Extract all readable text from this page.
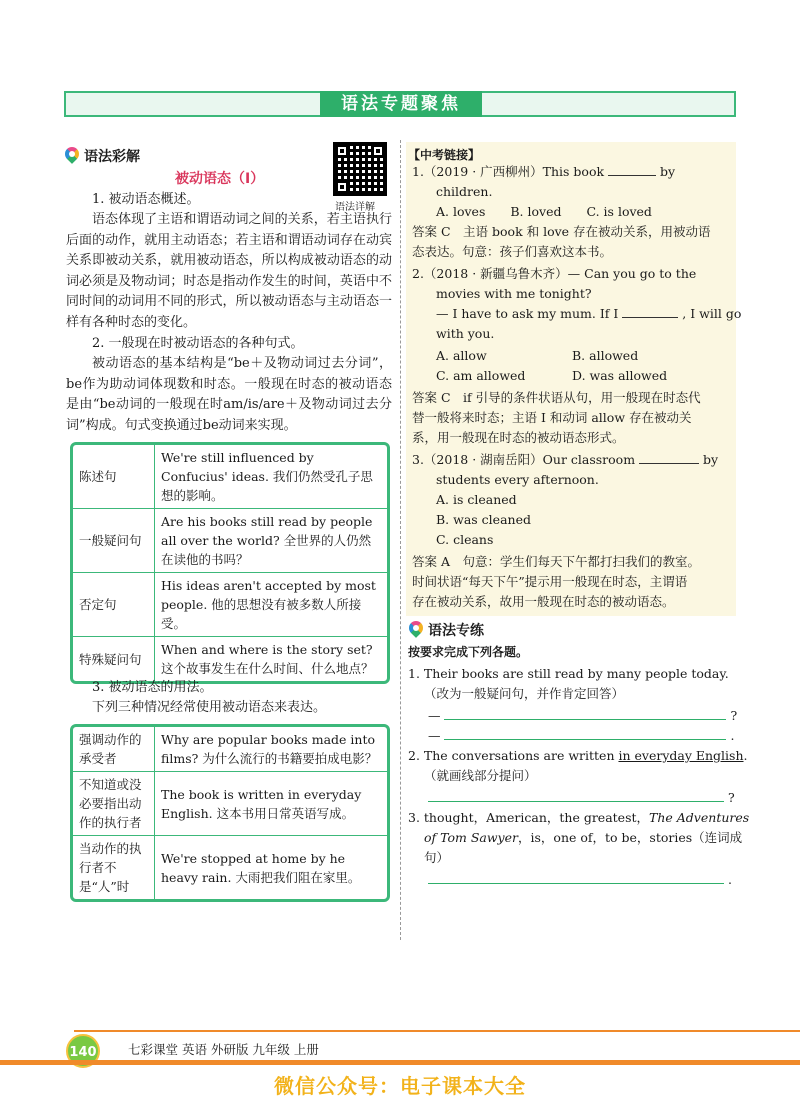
语法专题聚焦
语法彩解
被动语态（Ⅰ）
语法详解
1. 被动语态概述。
语态体现了主语和谓语动词之间的关系，若主语执行后面的动作，就用主动语态；若主语和谓语动词存在动宾关系即被动关系，就用被动语态，所以构成被动语态的动词必须是及物动词；时态是指动作发生的时间，英语中不同时间的动词用不同的形式，所以被动语态与主动语态一样有各种时态的变化。
2. 一般现在时被动语态的各种句式。
被动语态的基本结构是“be＋及物动词过去分词”，be作为助动词体现数和时态。一般现在时态的被动语态是由“be动词的一般现在时am/is/are＋及物动词过去分词”构成。句式变换通过be动词来实现。
陈述句	We're still influenced by Confucius' ideas. 我们仍然受孔子思想的影响。
一般疑问句	Are his books still read by people all over the world? 全世界的人仍然在读他的书吗？
否定句	His ideas aren't accepted by most people. 他的思想没有被多数人所接受。
特殊疑问句	When and where is the story set? 这个故事发生在什么时间、什么地点？
3. 被动语态的用法。
下列三种情况经常使用被动语态来表达。
强调动作的承受者	Why are popular books made into films? 为什么流行的书籍要拍成电影？
不知道或没必要指出动作的执行者	The book is written in everyday English. 这本书用日常英语写成。
当动作的执行者不是“人”时	We're stopped at home by he heavy rain. 大雨把我们阻在家里。
【中考链接】
1.（2019 · 广西柳州）This book	by
children.
A. loves　　B. loved　　C. is loved
答案 C　主语 book 和 love 存在被动关系，用被动语
态表达。句意：孩子们喜欢这本书。
2.（2018 · 新疆乌鲁木齐）— Can you go to the
movies with me tonight?
— I have to ask my mum. If I	, I will go
with you.
A. allow	B. allowed
C. am allowed	D. was allowed
答案 C　if 引导的条件状语从句，用一般现在时态代
替一般将来时态；主语 I 和动词 allow 存在被动关
系，用一般现在时态的被动语态形式。
3.（2018 · 湖南岳阳）Our classroom	by
students every afternoon.
A. is cleaned
B. was cleaned
C. cleans
答案 A　句意：学生们每天下午都打扫我们的教室。
时间状语“每天下午”提示用一般现在时态，主谓语
存在被动关系，故用一般现在时态的被动语态。
语法专练
按要求完成下列各题。
1. Their books are still read by many people today.
（改为一般疑问句，并作肯定回答）
—	?
—	.
2. The conversations are written in everyday English.
（就画线部分提问）
?
3. thought，American，the greatest，The Adventures
of Tom Sawyer，is，one of，to be，stories（连词成
句）
.
140	七彩课堂 英语 外研版 九年级 上册
微信公众号：电子课本大全
